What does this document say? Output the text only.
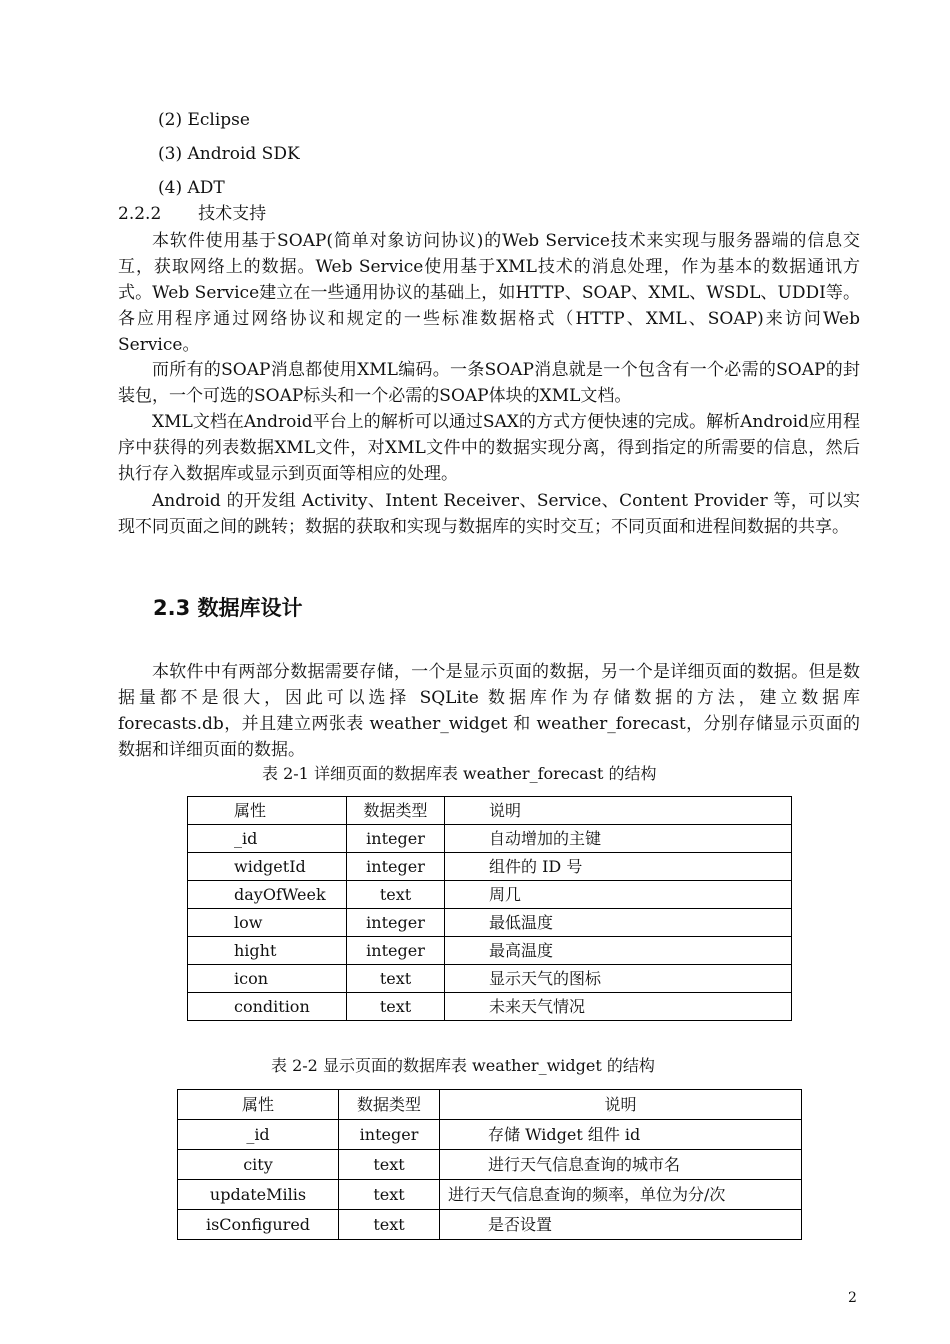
(2) Eclipse
(3) Android SDK
(4) ADT
2.2.2 技术支持

本软件使用基于SOAP(简单对象访问协议)的Web Service技术来实现与服务器端的信息交互，获取网络上的数据。Web Service使用基于XML技术的消息处理，作为基本的数据通讯方式。Web Service建立在一些通用协议的基础上，如HTTP、SOAP、XML、WSDL、UDDI等。各应用程序通过网络协议和规定的一些标准数据格式（HTTP、XML、SOAP)来访问Web Service。

而所有的SOAP消息都使用XML编码。一条SOAP消息就是一个包含有一个必需的SOAP的封装包，一个可选的SOAP标头和一个必需的SOAP体块的XML文档。

XML文档在Android平台上的解析可以通过SAX的方式方便快速的完成。解析Android应用程序中获得的列表数据XML文件，对XML文件中的数据实现分离，得到指定的所需要的信息，然后执行存入数据库或显示到页面等相应的处理。

Android 的开发组 Activity、Intent Receiver、Service、Content Provider 等，可以实现不同页面之间的跳转；数据的获取和实现与数据库的实时交互；不同页面和进程间数据的共享。

2.3 数据库设计

本软件中有两部分数据需要存储，一个是显示页面的数据，另一个是详细页面的数据。但是数据量都不是很大，因此可以选择 SQLite 数据库作为存储数据的方法，建立数据库 forecasts.db，并且建立两张表 weather_widget 和 weather_forecast，分别存储显示页面的数据和详细页面的数据。

表 2-1 详细页面的数据库表 weather_forecast 的结构
属性	数据类型	说明
_id	integer	自动增加的主键
widgetId	integer	组件的 ID 号
dayOfWeek	text	周几
low	integer	最低温度
hight	integer	最高温度
icon	text	显示天气的图标
condition	text	未来天气情况
表 2-2 显示页面的数据库表 weather_widget 的结构
属性	数据类型	说明
_id	integer	存储 Widget 组件 id
city	text	进行天气信息查询的城市名
updateMilis	text	进行天气信息查询的频率，单位为分/次
isConfigured	text	是否设置
2
